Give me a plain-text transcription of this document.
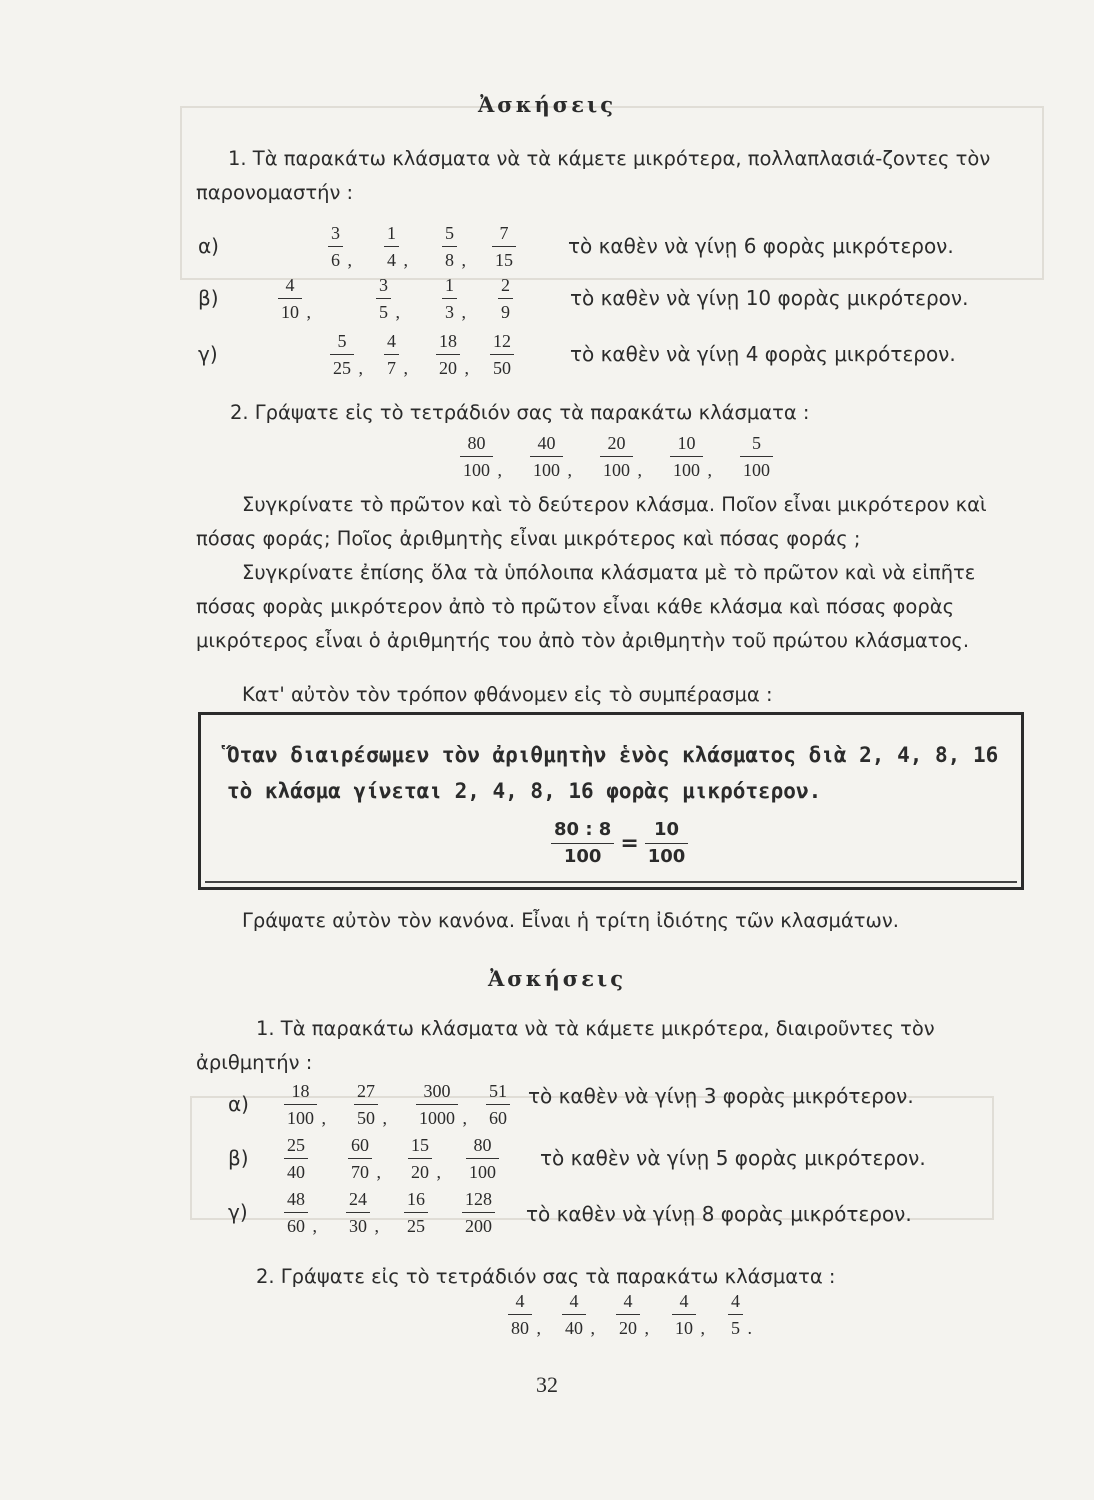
Ἀσκήσεις
1. Τὰ παρακάτω κλάσματα νὰ τὰ κάμετε μικρότερα, πολλαπλασιά-ζοντες τὸν παρονομαστήν :
α)
3
6 ,
1
4 ,
5
8 ,
7
15
τὸ καθὲν νὰ γίνῃ 6 φορὰς μικρότερον.
β)
4
10 ,
3
5 ,
1
3 ,
2
9
τὸ καθὲν νὰ γίνῃ 10 φορὰς μικρότερον.
γ)
5
25 ,
4
7 ,
18
20 ,
12
50
τὸ καθὲν νὰ γίνῃ 4 φορὰς μικρότερον.
2. Γράψατε εἰς τὸ τετράδιόν σας τὰ παρακάτω κλάσματα :
80
100 ,
40
100 ,
20
100 ,
10
100 ,
5
100
Συγκρίνατε τὸ πρῶτον καὶ τὸ δεύτερον κλάσμα. Ποῖον εἶναι μικρότερον καὶ πόσας φοράς; Ποῖος ἀριθμητὴς εἶναι μικρότερος καὶ πόσας φοράς ;
Συγκρίνατε ἐπίσης ὅλα τὰ ὑπόλοιπα κλάσματα μὲ τὸ πρῶτον καὶ νὰ εἰπῆτε πόσας φορὰς μικρότερον ἀπὸ τὸ πρῶτον εἶναι κάθε κλάσμα καὶ πόσας φορὰς μικρότερος εἶναι ὁ ἀριθμητής του ἀπὸ τὸν ἀριθμητὴν τοῦ πρώτου κλάσματος.
Κατ' αὐτὸν τὸν τρόπον φθάνομεν εἰς τὸ συμπέρασμα :
Ὅταν διαιρέσωμεν τὸν ἀριθμητὴν ἑνὸς κλάσματος διὰ 2, 4, 8, 16 τὸ κλάσμα γίνεται 2, 4, 8, 16 φορὰς μικρότερον.
$\frac{80 : 8}{100} = \frac{10}{100}$
Γράψατε αὐτὸν τὸν κανόνα. Εἶναι ἡ τρίτη ἰδιότης τῶν κλασμάτων.
Ἀσκήσεις
1. Τὰ παρακάτω κλάσματα νὰ τὰ κάμετε μικρότερα, διαιροῦντες τὸν ἀριθμητήν :
α)
18
100 ,
27
50 ,
300
1000 ,
51
60
τὸ καθὲν νὰ γίνῃ 3 φορὰς μικρότερον.
β)
25
40
60
70 ,
15
20 ,
80
100
τὸ καθὲν νὰ γίνῃ 5 φορὰς μικρότερον.
γ)
48
60 ,
24
30 ,
16
25
128
200 τὸ καθὲν νὰ γίνῃ 8 φορὰς μικρότερον.
2. Γράψατε εἰς τὸ τετράδιόν σας τὰ παρακάτω κλάσματα :
4
80 ,
4
40 ,
4
20 ,
4
10 ,
4
5 .
32
